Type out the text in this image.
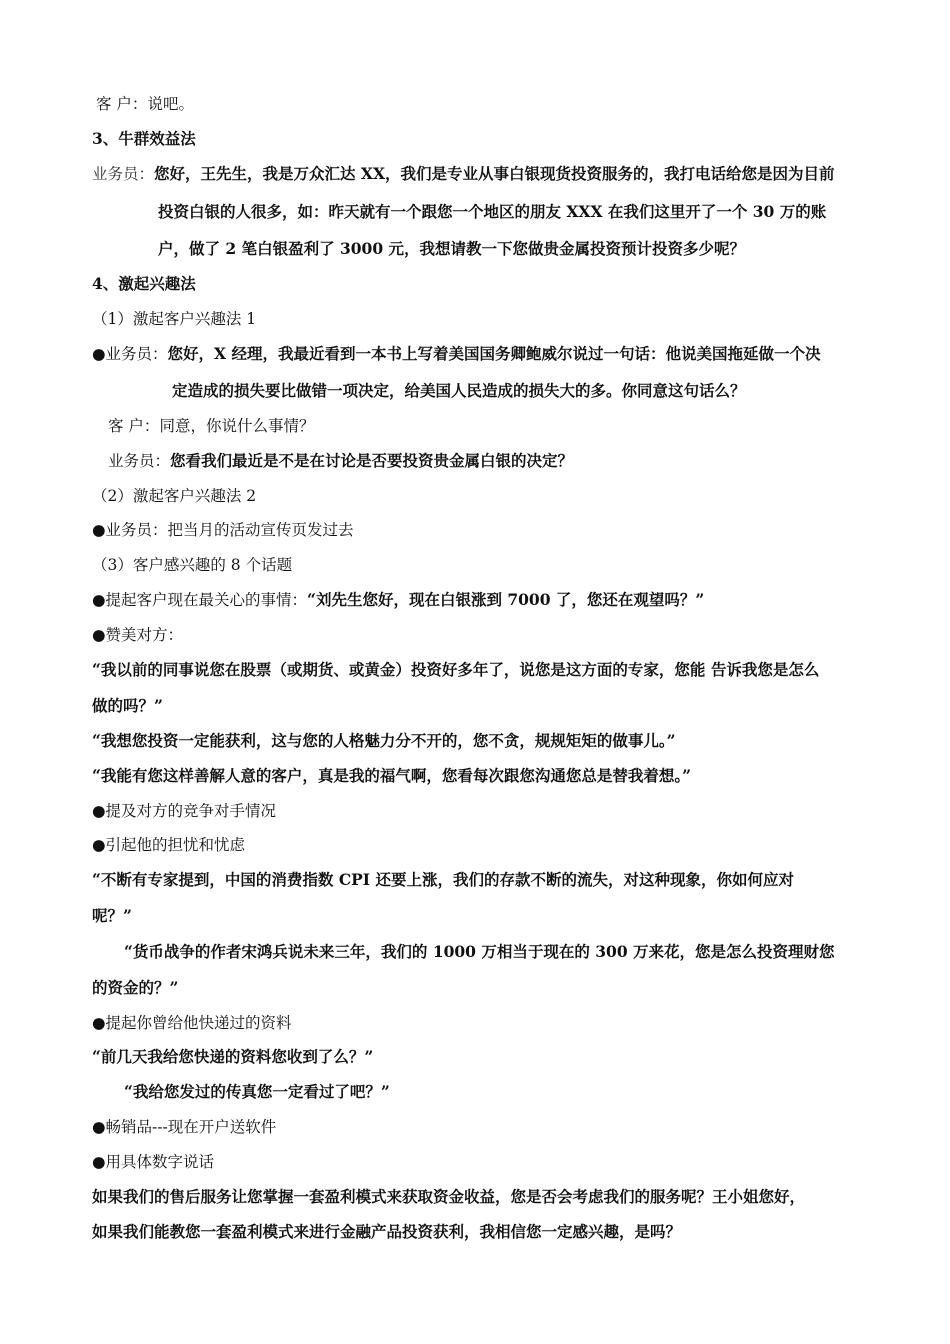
客 户：说吧。
3、牛群效益法
业务员：您好，王先生，我是万众汇达 XX，我们是专业从事白银现货投资服务的，我打电话给您是因为目前
投资白银的人很多，如：昨天就有一个跟您一个地区的朋友 XXX 在我们这里开了一个 30 万的账
户，做了 2 笔白银盈利了 3000 元，我想请教一下您做贵金属投资预计投资多少呢？
4、激起兴趣法
（1）激起客户兴趣法 1
●业务员：您好，X 经理，我最近看到一本书上写着美国国务卿鲍威尔说过一句话：他说美国拖延做一个决
定造成的损失要比做错一项决定，给美国人民造成的损失大的多。你同意这句话么？
客 户：同意，你说什么事情？
业务员：您看我们最近是不是在讨论是否要投资贵金属白银的决定？
（2）激起客户兴趣法 2
●业务员：把当月的活动宣传页发过去
（3）客户感兴趣的 8 个话题
●提起客户现在最关心的事情：“刘先生您好，现在白银涨到 7000 了，您还在观望吗？”
●赞美对方：
“我以前的同事说您在股票（或期货、或黄金）投资好多年了，说您是这方面的专家，您能 告诉我您是怎么
做的吗？”
“我想您投资一定能获利，这与您的人格魅力分不开的，您不贪，规规矩矩的做事儿。”
“我能有您这样善解人意的客户，真是我的福气啊，您看每次跟您沟通您总是替我着想。”
●提及对方的竞争对手情况
●引起他的担忧和忧虑
“不断有专家提到，中国的消费指数 CPI 还要上涨，我们的存款不断的流失，对这种现象，你如何应对
呢？”
“货币战争的作者宋鸿兵说未来三年，我们的 1000 万相当于现在的 300 万来花，您是怎么投资理财您
的资金的？”
●提起你曾给他快递过的资料
“前几天我给您快递的资料您收到了么？”
“我给您发过的传真您一定看过了吧？”
●畅销品---现在开户送软件
●用具体数字说话
如果我们的售后服务让您掌握一套盈利模式来获取资金收益，您是否会考虑我们的服务呢？王小姐您好，
如果我们能教您一套盈利模式来进行金融产品投资获利，我相信您一定感兴趣，是吗？
